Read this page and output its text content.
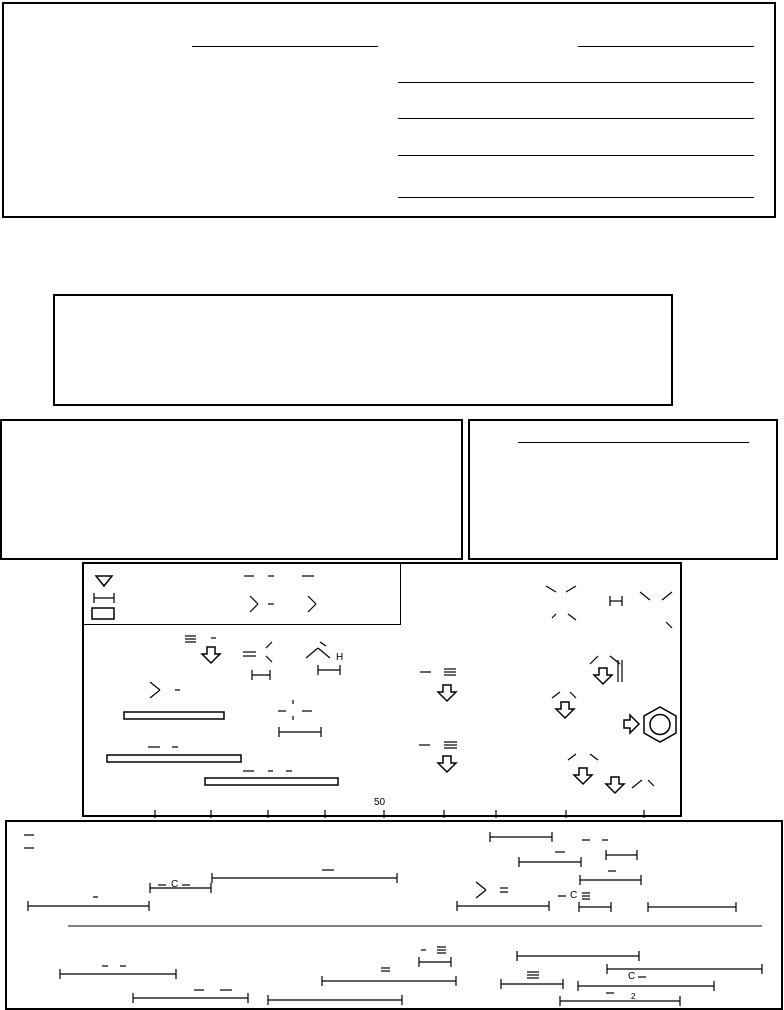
50
H
C
C
C
2
